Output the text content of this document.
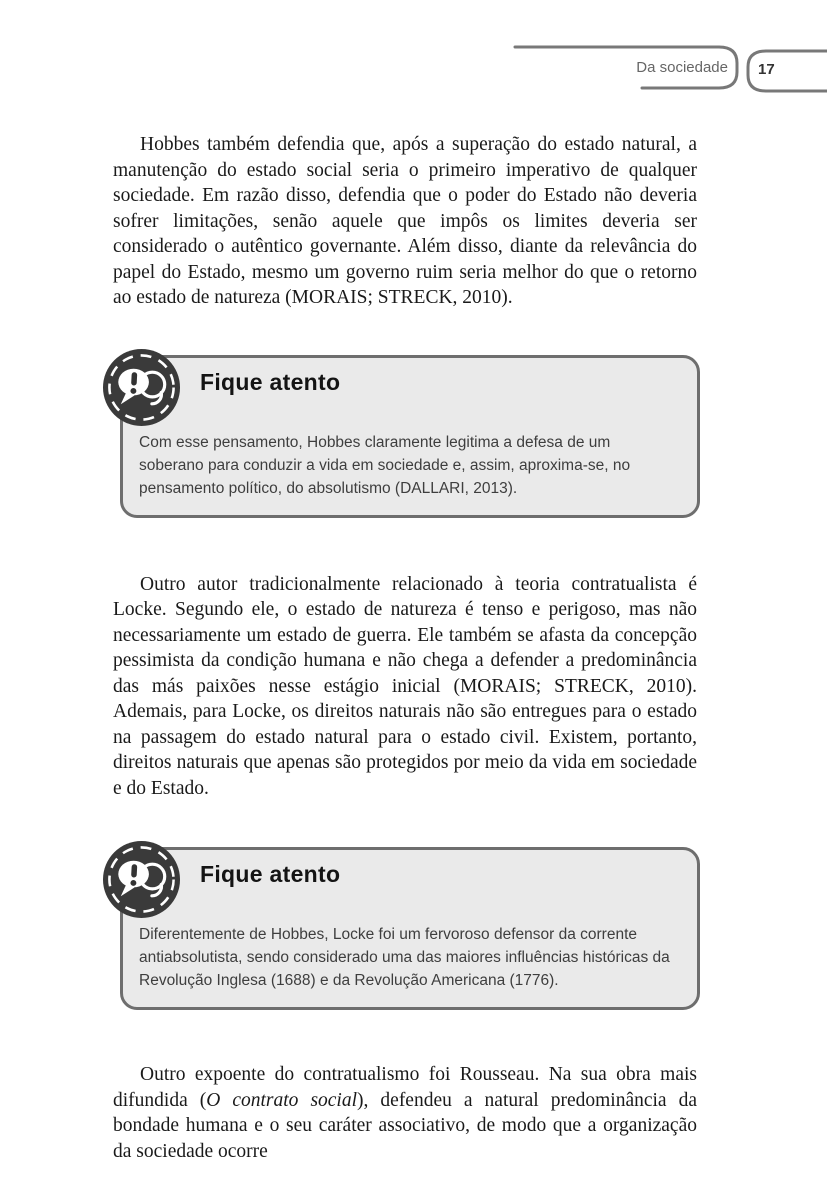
Da sociedade 17

Hobbes também defendia que, após a superação do estado natural, a manutenção do estado social seria o primeiro imperativo de qualquer sociedade. Em razão disso, defendia que o poder do Estado não deveria sofrer limitações, senão aquele que impôs os limites deveria ser considerado o autêntico governante. Além disso, diante da relevância do papel do Estado, mesmo um governo ruim seria melhor do que o retorno ao estado de natureza (MORAIS; STRECK, 2010).

Fique atento
Com esse pensamento, Hobbes claramente legitima a defesa de um soberano para conduzir a vida em sociedade e, assim, aproxima-se, no pensamento político, do absolutismo (DALLARI, 2013).

Outro autor tradicionalmente relacionado à teoria contratualista é Locke. Segundo ele, o estado de natureza é tenso e perigoso, mas não necessariamente um estado de guerra. Ele também se afasta da concepção pessimista da condição humana e não chega a defender a predominância das más paixões nesse estágio inicial (MORAIS; STRECK, 2010). Ademais, para Locke, os direitos naturais não são entregues para o estado na passagem do estado natural para o estado civil. Existem, portanto, direitos naturais que apenas são protegidos por meio da vida em sociedade e do Estado.

Fique atento
Diferentemente de Hobbes, Locke foi um fervoroso defensor da corrente antiabsolutista, sendo considerado uma das maiores influências históricas da Revolução Inglesa (1688) e da Revolução Americana (1776).

Outro expoente do contratualismo foi Rousseau. Na sua obra mais difundida (O contrato social), defendeu a natural predominância da bondade humana e o seu caráter associativo, de modo que a organização da sociedade ocorre
